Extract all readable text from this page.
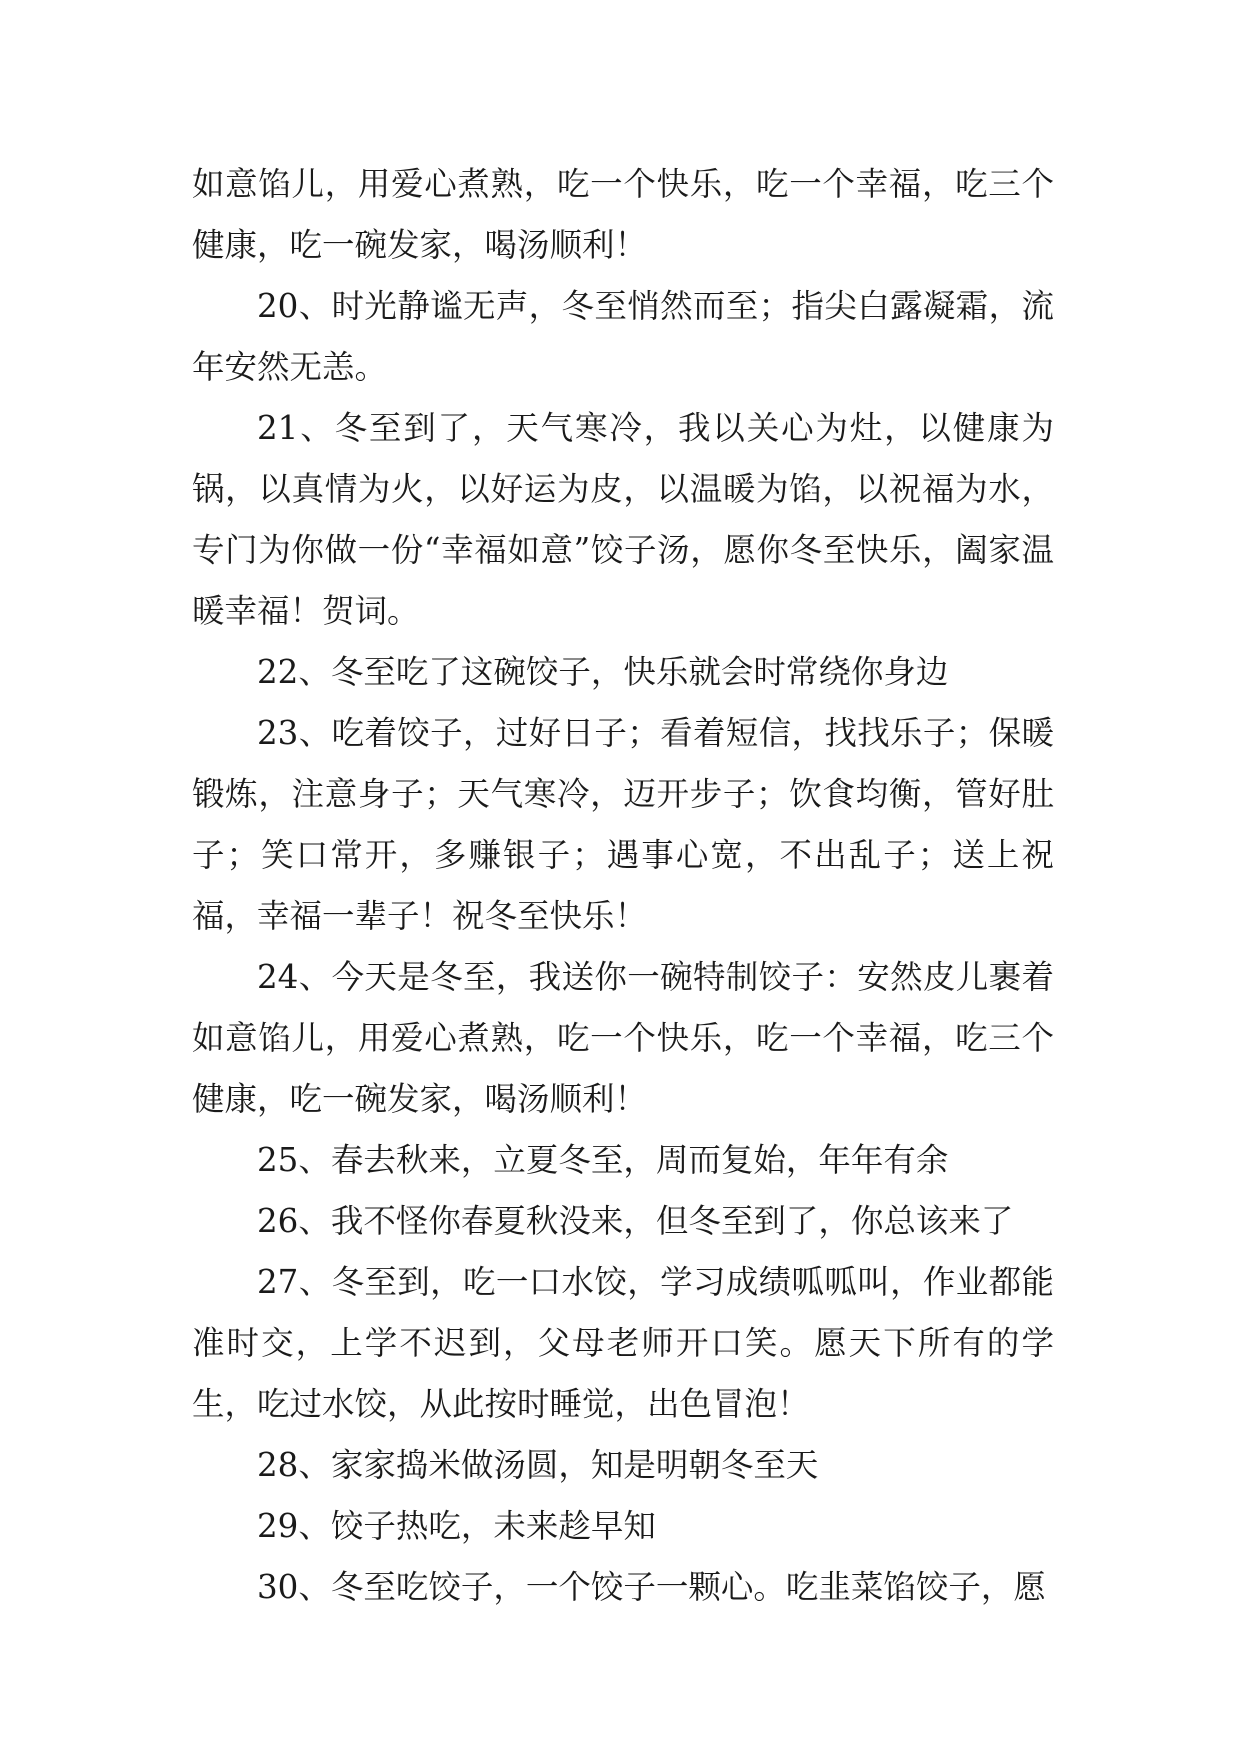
如意馅儿，用爱心煮熟，吃一个快乐，吃一个幸福，吃三个健康，吃一碗发家，喝汤顺利！

20、时光静谧无声，冬至悄然而至；指尖白露凝霜，流年安然无恙。

21、冬至到了，天气寒冷，我以关心为灶，以健康为锅，以真情为火，以好运为皮，以温暖为馅，以祝福为水，专门为你做一份“幸福如意”饺子汤，愿你冬至快乐，阖家温暖幸福！贺词。

22、冬至吃了这碗饺子，快乐就会时常绕你身边

23、吃着饺子，过好日子；看着短信，找找乐子；保暖锻炼，注意身子；天气寒冷，迈开步子；饮食均衡，管好肚子；笑口常开，多赚银子；遇事心宽，不出乱子；送上祝福，幸福一辈子！祝冬至快乐！

24、今天是冬至，我送你一碗特制饺子：安然皮儿裹着如意馅儿，用爱心煮熟，吃一个快乐，吃一个幸福，吃三个健康，吃一碗发家，喝汤顺利！

25、春去秋来，立夏冬至，周而复始，年年有余

26、我不怪你春夏秋没来，但冬至到了，你总该来了

27、冬至到，吃一口水饺，学习成绩呱呱叫，作业都能准时交，上学不迟到，父母老师开口笑。愿天下所有的学生，吃过水饺，从此按时睡觉，出色冒泡！

28、家家捣米做汤圆，知是明朝冬至天

29、饺子热吃，未来趁早知

30、冬至吃饺子，一个饺子一颗心。吃韭菜馅饺子，愿
